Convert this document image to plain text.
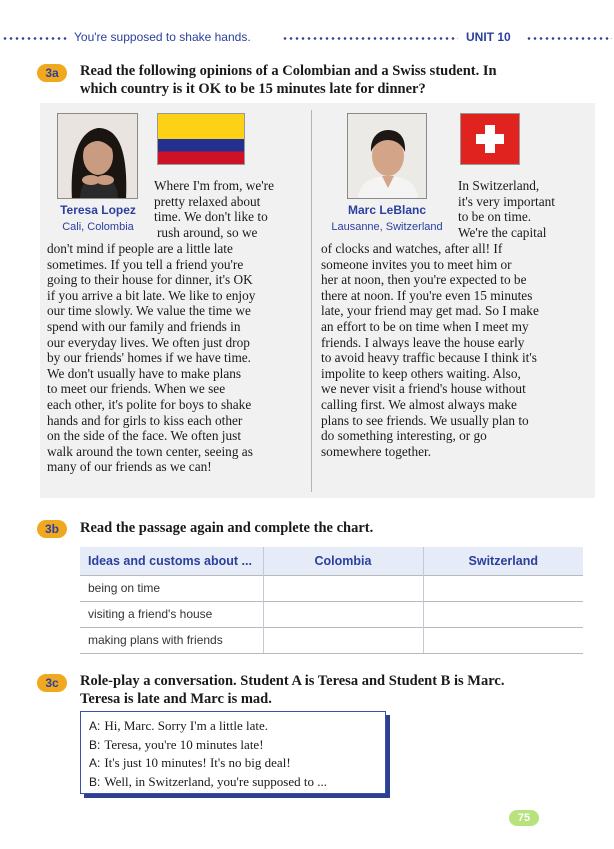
You're supposed to shake hands.	UNIT 10
3a	Read the following opinions of a Colombian and a Swiss student. In
which country is it OK to be 15 minutes late for dinner?
Teresa Lopez
Cali, Colombia
Where I'm from, we're
pretty relaxed about
time. We don't like to
rush around, so we
don't mind if people are a little late
sometimes. If you tell a friend you're
going to their house for dinner, it's OK
if you arrive a bit late. We like to enjoy
our time slowly. We value the time we
spend with our family and friends in
our everyday lives. We often just drop
by our friends' homes if we have time.
We don't usually have to make plans
to meet our friends. When we see
each other, it's polite for boys to shake
hands and for girls to kiss each other
on the side of the face. We often just
walk around the town center, seeing as
many of our friends as we can!
Marc LeBlanc
Lausanne, Switzerland
In Switzerland,
it's very important
to be on time.
We're the capital
of clocks and watches, after all! If
someone invites you to meet him or
her at noon, then you're expected to be
there at noon. If you're even 15 minutes
late, your friend may get mad. So I make
an effort to be on time when I meet my
friends. I always leave the house early
to avoid heavy traffic because I think it's
impolite to keep others waiting. Also,
we never visit a friend's house without
calling first. We almost always make
plans to see friends. We usually plan to
do something interesting, or go
somewhere together.
3b	Read the passage again and complete the chart.
Ideas and customs about ...	Colombia	Switzerland
being on time		
visiting a friend's house		
making plans with friends		
3c	Role-play a conversation. Student A is Teresa and Student B is Marc.
Teresa is late and Marc is mad.
A: Hi, Marc. Sorry I'm a little late.
B: Teresa, you're 10 minutes late!
A: It's just 10 minutes! It's no big deal!
B: Well, in Switzerland, you're supposed to ...
75
